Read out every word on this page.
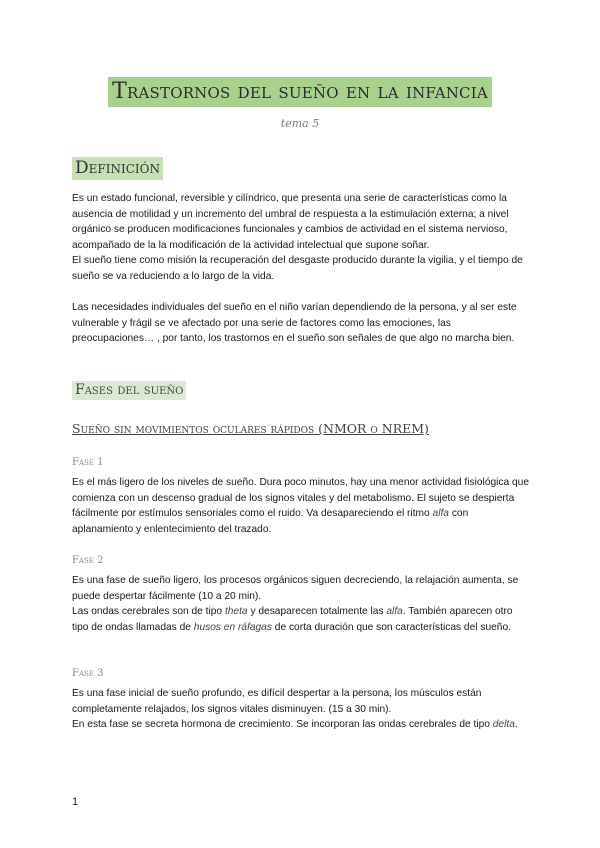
Trastornos del sueño en la infancia
tema 5
Definición
Es un estado funcional, reversible y cilíndrico, que presenta una serie de características como la
ausencia de motilidad y un incremento del umbral de respuesta a la estimulación externa; a nivel
orgánico se producen modificaciones funcionales y cambios de actividad en el sistema nervioso,
acompañado de la la modificación de la actividad intelectual que supone soñar.
El sueño tiene como misión la recuperación del desgaste producido durante la vigilia, y el tiempo de
sueño se va reduciendo a lo largo de la vida.
Las necesidades individuales del sueño en el niño varían dependiendo de la persona, y al ser este
vulnerable y frágil se ve afectado por una serie de factores como las emociones, las
preocupaciones… , por tanto, los trastornos en el sueño son señales de que algo no marcha bien.
Fases del sueño
Sueño sin movimientos oculares rápidos (NMOR o NREM)
Fase 1
Es el más ligero de los niveles de sueño. Dura poco minutos, hay una menor actividad fisiológica que
comienza con un descenso gradual de los signos vitales y del metabolismo. El sujeto se despierta
fácilmente por estímulos sensoriales como el ruido. Va desapareciendo el ritmo alfa con
aplanamiento y enlentecimiento del trazado.
Fase 2
Es una fase de sueño ligero, los procesos orgánicos siguen decreciendo, la relajación aumenta, se
puede despertar fácilmente (10 a 20 min).
Las ondas cerebrales son de tipo theta y desaparecen totalmente las alfa. También aparecen otro
tipo de ondas llamadas de husos en ráfagas de corta duración que son características del sueño.
Fase 3
Es una fase inicial de sueño profundo, es difícil despertar a la persona, los músculos están
completamente relajados, los signos vitales disminuyen. (15 a 30 min).
En esta fase se secreta hormona de crecimiento. Se incorporan las ondas cerebrales de tipo delta.
1
